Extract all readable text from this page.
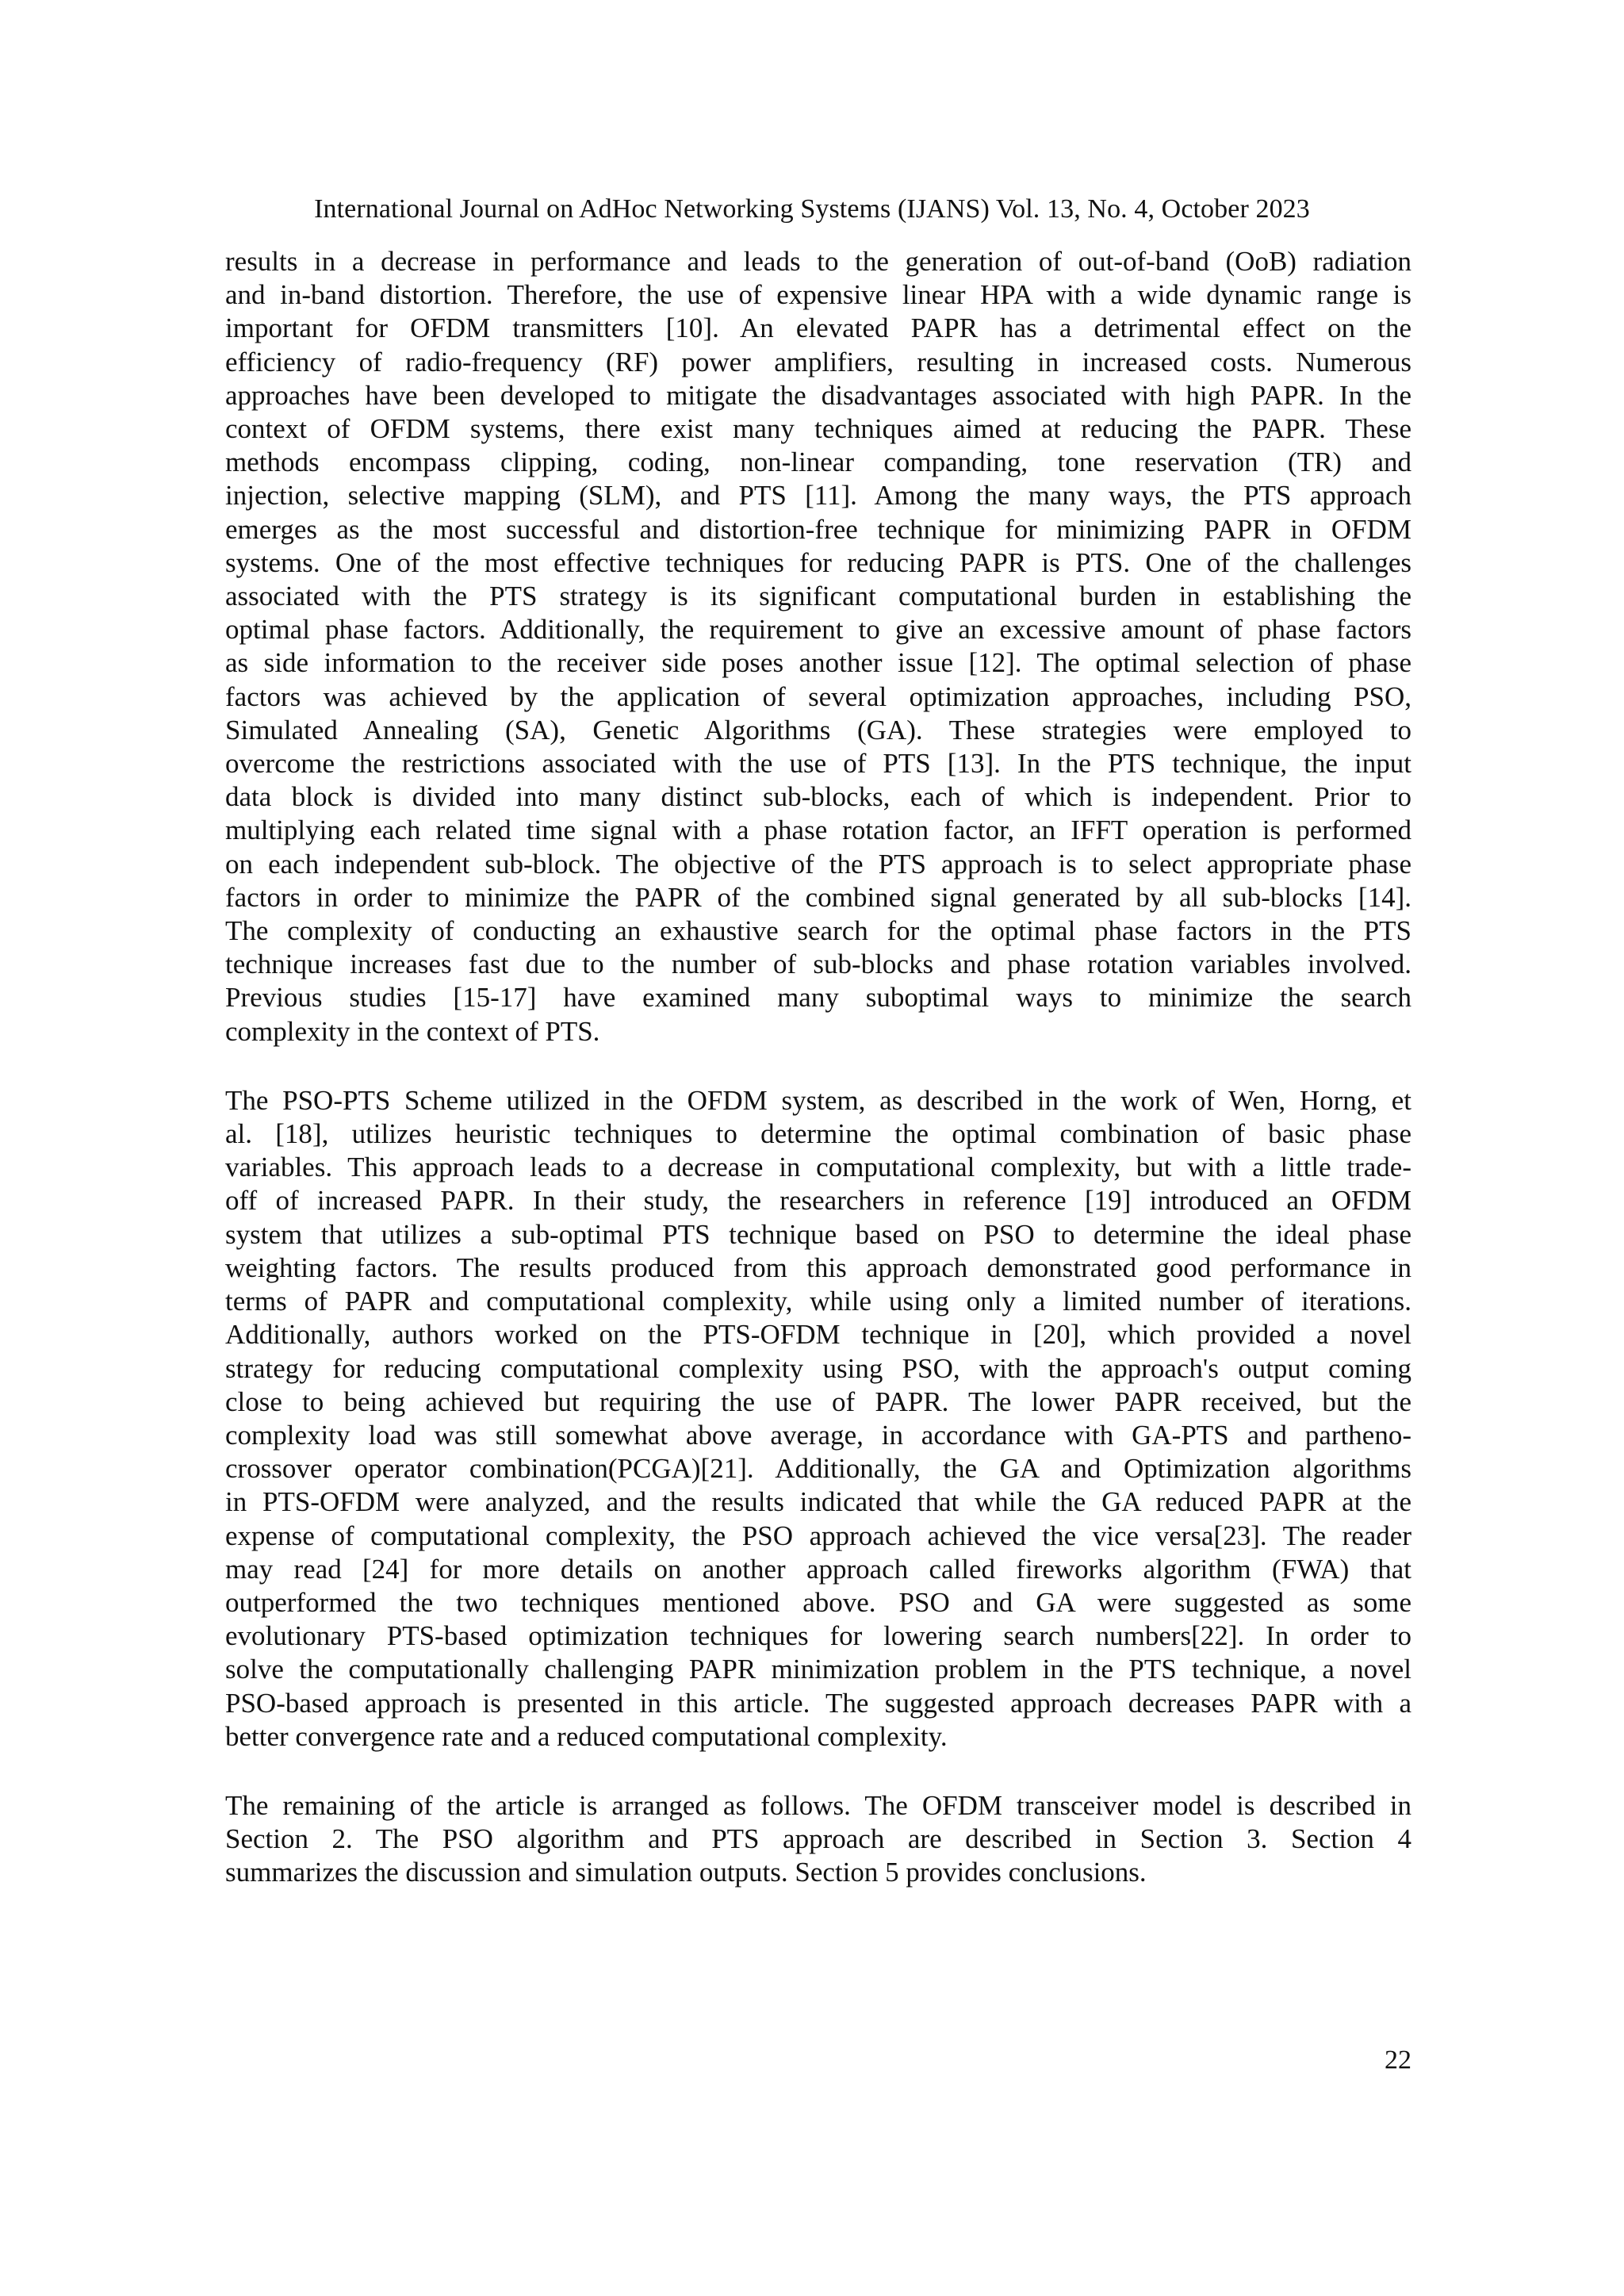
International Journal on AdHoc Networking Systems (IJANS) Vol. 13, No. 4, October 2023

results in a decrease in performance and leads to the generation of out-of-band (OoB) radiation
and in-band distortion. Therefore, the use of expensive linear HPA with a wide dynamic range is
important for OFDM transmitters [10]. An elevated PAPR has a detrimental effect on the
efficiency of radio-frequency (RF) power amplifiers, resulting in increased costs. Numerous
approaches have been developed to mitigate the disadvantages associated with high PAPR. In the
context of OFDM systems, there exist many techniques aimed at reducing the PAPR. These
methods encompass clipping, coding, non-linear companding, tone reservation (TR) and
injection, selective mapping (SLM), and PTS [11]. Among the many ways, the PTS approach
emerges as the most successful and distortion-free technique for minimizing PAPR in OFDM
systems. One of the most effective techniques for reducing PAPR is PTS. One of the challenges
associated with the PTS strategy is its significant computational burden in establishing the
optimal phase factors. Additionally, the requirement to give an excessive amount of phase factors
as side information to the receiver side poses another issue [12]. The optimal selection of phase
factors was achieved by the application of several optimization approaches, including PSO,
Simulated Annealing (SA), Genetic Algorithms (GA). These strategies were employed to
overcome the restrictions associated with the use of PTS [13]. In the PTS technique, the input
data block is divided into many distinct sub-blocks, each of which is independent. Prior to
multiplying each related time signal with a phase rotation factor, an IFFT operation is performed
on each independent sub-block. The objective of the PTS approach is to select appropriate phase
factors in order to minimize the PAPR of the combined signal generated by all sub-blocks [14].
The complexity of conducting an exhaustive search for the optimal phase factors in the PTS
technique increases fast due to the number of sub-blocks and phase rotation variables involved.
Previous studies [15-17] have examined many suboptimal ways to minimize the search
complexity in the context of PTS.

The PSO-PTS Scheme utilized in the OFDM system, as described in the work of Wen, Horng, et
al. [18], utilizes heuristic techniques to determine the optimal combination of basic phase
variables. This approach leads to a decrease in computational complexity, but with a little trade-
off of increased PAPR. In their study, the researchers in reference [19] introduced an OFDM
system that utilizes a sub-optimal PTS technique based on PSO to determine the ideal phase
weighting factors. The results produced from this approach demonstrated good performance in
terms of PAPR and computational complexity, while using only a limited number of iterations.
Additionally, authors worked on the PTS-OFDM technique in [20], which provided a novel
strategy for reducing computational complexity using PSO, with the approach's output coming
close to being achieved but requiring the use of PAPR. The lower PAPR received, but the
complexity load was still somewhat above average, in accordance with GA-PTS and partheno-
crossover operator combination(PCGA)[21]. Additionally, the GA and Optimization algorithms
in PTS-OFDM were analyzed, and the results indicated that while the GA reduced PAPR at the
expense of computational complexity, the PSO approach achieved the vice versa[23]. The reader
may read [24] for more details on another approach called fireworks algorithm (FWA) that
outperformed the two techniques mentioned above. PSO and GA were suggested as some
evolutionary PTS-based optimization techniques for lowering search numbers[22]. In order to
solve the computationally challenging PAPR minimization problem in the PTS technique, a novel
PSO-based approach is presented in this article. The suggested approach decreases PAPR with a
better convergence rate and a reduced computational complexity.

The remaining of the article is arranged as follows. The OFDM transceiver model is described in
Section 2. The PSO algorithm and PTS approach are described in Section 3. Section 4
summarizes the discussion and simulation outputs. Section 5 provides conclusions.

22
